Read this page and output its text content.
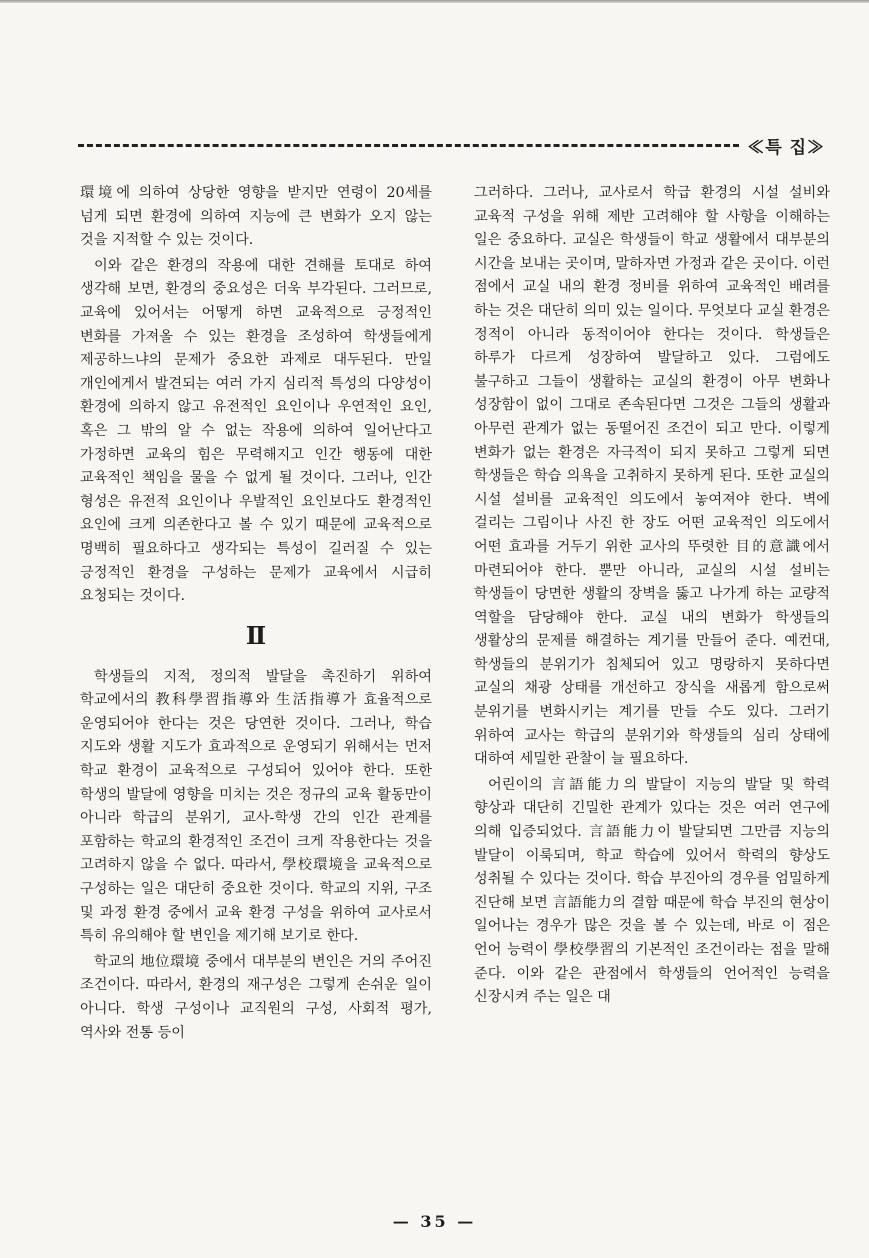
≪특 집≫

環境에 의하여 상당한 영향을 받지만 연령이 20세를 넘게 되면 환경에 의하여 지능에 큰 변화가 오지 않는 것을 지적할 수 있는 것이다.

이와 같은 환경의 작용에 대한 견해를 토대로 하여 생각해 보면, 환경의 중요성은 더욱 부각된다. 그러므로, 교육에 있어서는 어떻게 하면 교육적으로 긍정적인 변화를 가져올 수 있는 환경을 조성하여 학생들에게 제공하느냐의 문제가 중요한 과제로 대두된다. 만일 개인에게서 발견되는 여러 가지 심리적 특성의 다양성이 환경에 의하지 않고 유전적인 요인이나 우연적인 요인, 혹은 그 밖의 알 수 없는 작용에 의하여 일어난다고 가정하면 교육의 힘은 무력해지고 인간 행동에 대한 교육적인 책임을 물을 수 없게 될 것이다. 그러나, 인간 형성은 유전적 요인이나 우발적인 요인보다도 환경적인 요인에 크게 의존한다고 볼 수 있기 때문에 교육적으로 명백히 필요하다고 생각되는 특성이 길러질 수 있는 긍정적인 환경을 구성하는 문제가 교육에서 시급히 요청되는 것이다.

Ⅱ

학생들의 지적, 정의적 발달을 촉진하기 위하여 학교에서의 教科學習指導와 生活指導가 효율적으로 운영되어야 한다는 것은 당연한 것이다. 그러나, 학습 지도와 생활 지도가 효과적으로 운영되기 위해서는 먼저 학교 환경이 교육적으로 구성되어 있어야 한다. 또한 학생의 발달에 영향을 미치는 것은 정규의 교육 활동만이 아니라 학급의 분위기, 교사-학생 간의 인간 관계를 포함하는 학교의 환경적인 조건이 크게 작용한다는 것을 고려하지 않을 수 없다. 따라서, 學校環境을 교육적으로 구성하는 일은 대단히 중요한 것이다. 학교의 지위, 구조 및 과정 환경 중에서 교육 환경 구성을 위하여 교사로서 특히 유의해야 할 변인을 제기해 보기로 한다.

학교의 地位環境 중에서 대부분의 변인은 거의 주어진 조건이다. 따라서, 환경의 재구성은 그렇게 손쉬운 일이 아니다. 학생 구성이나 교직원의 구성, 사회적 평가, 역사와 전통 등이

그러하다. 그러나, 교사로서 학급 환경의 시설 설비와 교육적 구성을 위해 제반 고려해야 할 사항을 이해하는 일은 중요하다. 교실은 학생들이 학교 생활에서 대부분의 시간을 보내는 곳이며, 말하자면 가정과 같은 곳이다. 이런 점에서 교실 내의 환경 정비를 위하여 교육적인 배려를 하는 것은 대단히 의미 있는 일이다. 무엇보다 교실 환경은 정적이 아니라 동적이어야 한다는 것이다. 학생들은 하루가 다르게 성장하여 발달하고 있다. 그럼에도 불구하고 그들이 생활하는 교실의 환경이 아무 변화나 성장함이 없이 그대로 존속된다면 그것은 그들의 생활과 아무런 관계가 없는 동떨어진 조건이 되고 만다. 이렇게 변화가 없는 환경은 자극적이 되지 못하고 그렇게 되면 학생들은 학습 의욕을 고취하지 못하게 된다. 또한 교실의 시설 설비를 교육적인 의도에서 놓여져야 한다. 벽에 걸리는 그림이나 사진 한 장도 어떤 교육적인 의도에서 어떤 효과를 거두기 위한 교사의 뚜렷한 目的意識에서 마련되어야 한다. 뿐만 아니라, 교실의 시설 설비는 학생들이 당면한 생활의 장벽을 뚫고 나가게 하는 교량적 역할을 담당해야 한다. 교실 내의 변화가 학생들의 생활상의 문제를 해결하는 계기를 만들어 준다. 예컨대, 학생들의 분위기가 침체되어 있고 명랑하지 못하다면 교실의 채광 상태를 개선하고 장식을 새롭게 함으로써 분위기를 변화시키는 계기를 만들 수도 있다. 그러기 위하여 교사는 학급의 분위기와 학생들의 심리 상태에 대하여 세밀한 관찰이 늘 필요하다.

어린이의 言語能力의 발달이 지능의 발달 및 학력 향상과 대단히 긴밀한 관계가 있다는 것은 여러 연구에 의해 입증되었다. 言語能力이 발달되면 그만큼 지능의 발달이 이룩되며, 학교 학습에 있어서 학력의 향상도 성취될 수 있다는 것이다. 학습 부진아의 경우를 엄밀하게 진단해 보면 言語能力의 결함 때문에 학습 부진의 현상이 일어나는 경우가 많은 것을 볼 수 있는데, 바로 이 점은 언어 능력이 學校學習의 기본적인 조건이라는 점을 말해 준다. 이와 같은 관점에서 학생들의 언어적인 능력을 신장시켜 주는 일은 대

— 35 —
